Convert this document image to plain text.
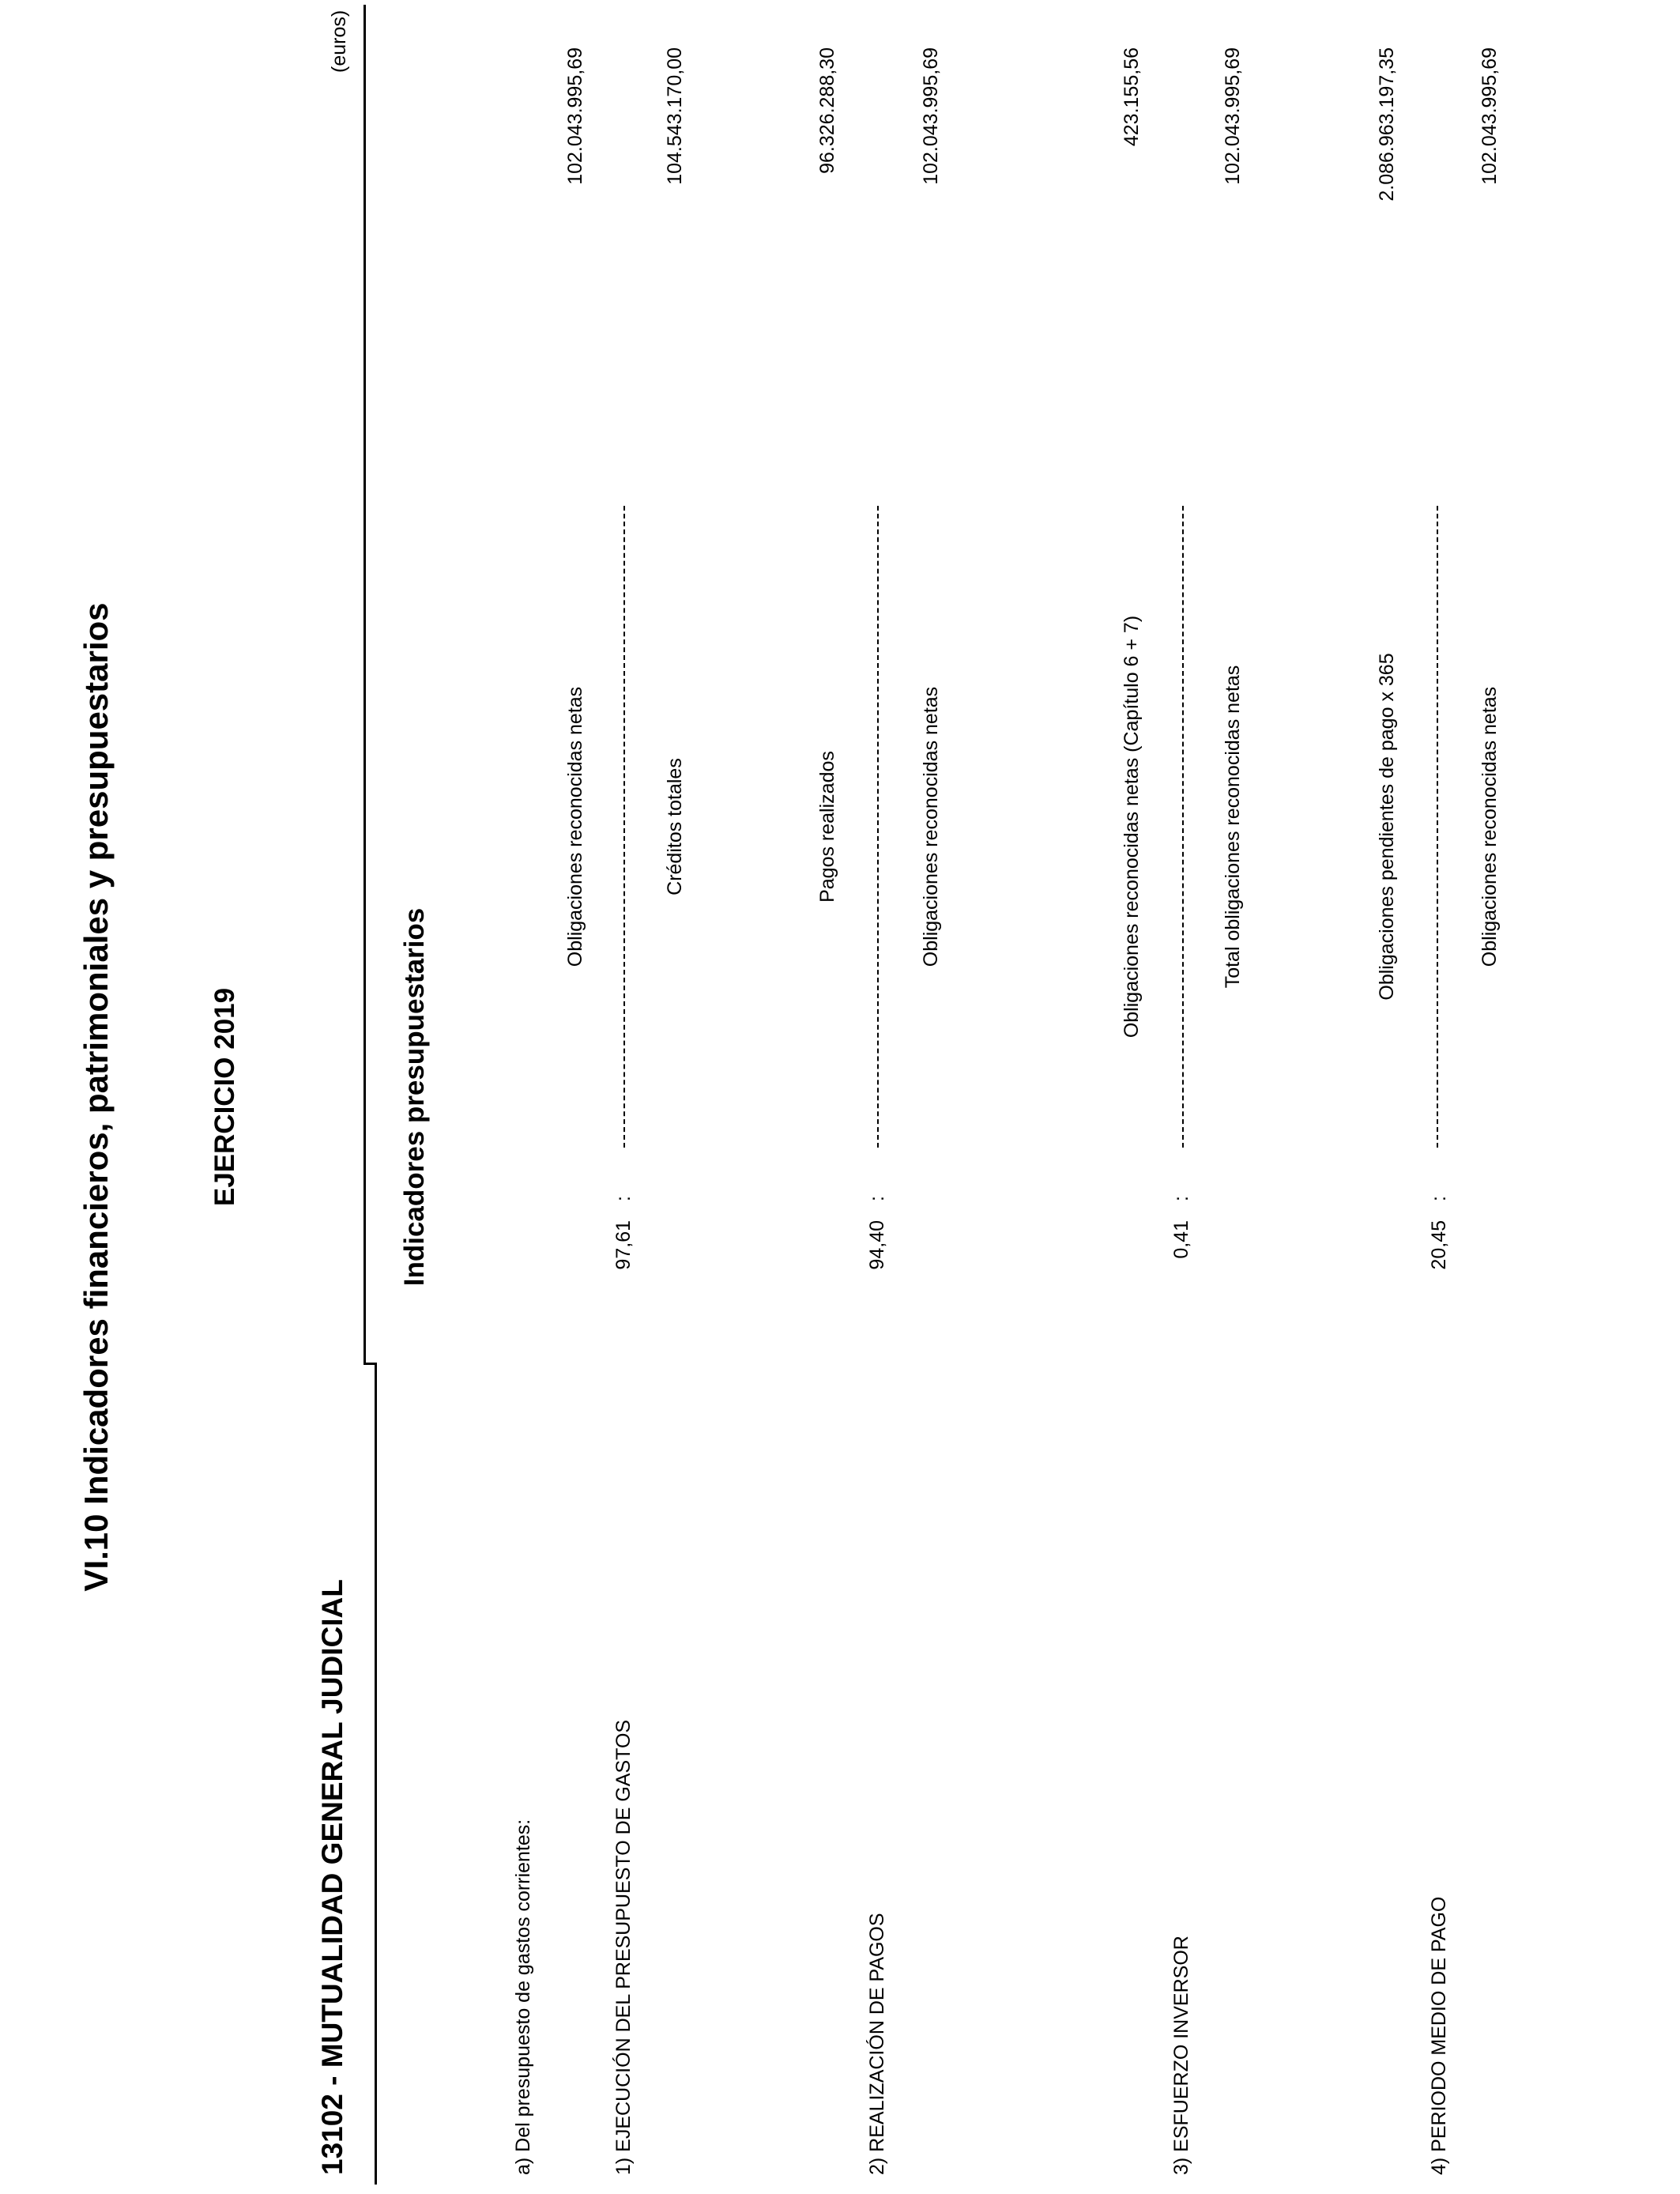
VI.10 Indicadores financieros, patrimoniales y presupuestarios	EJERCICIO 2019
13102 - MUTUALIDAD GENERAL JUDICIAL
(euros)
Indicadores presupuestarios
a) Del presupuesto de gastos corrientes:	1) EJECUCIÓN DEL PRESUPUESTO DE GASTOS
97,61
:
Obligaciones reconocidas netas
102.043.995,69
Créditos totales
104.543.170,00
2) REALIZACIÓN DE PAGOS
94,40
:
Pagos realizados
96.326.288,30
Obligaciones reconocidas netas
102.043.995,69
3) ESFUERZO INVERSOR
0,41
:
Obligaciones reconocidas netas (Capítulo 6 + 7)
423.155,56
Total obligaciones reconocidas netas
102.043.995,69
4) PERIODO MEDIO DE PAGO
20,45
:
Obligaciones pendientes de pago x 365
2.086.963.197,35
Obligaciones reconocidas netas
102.043.995,69
